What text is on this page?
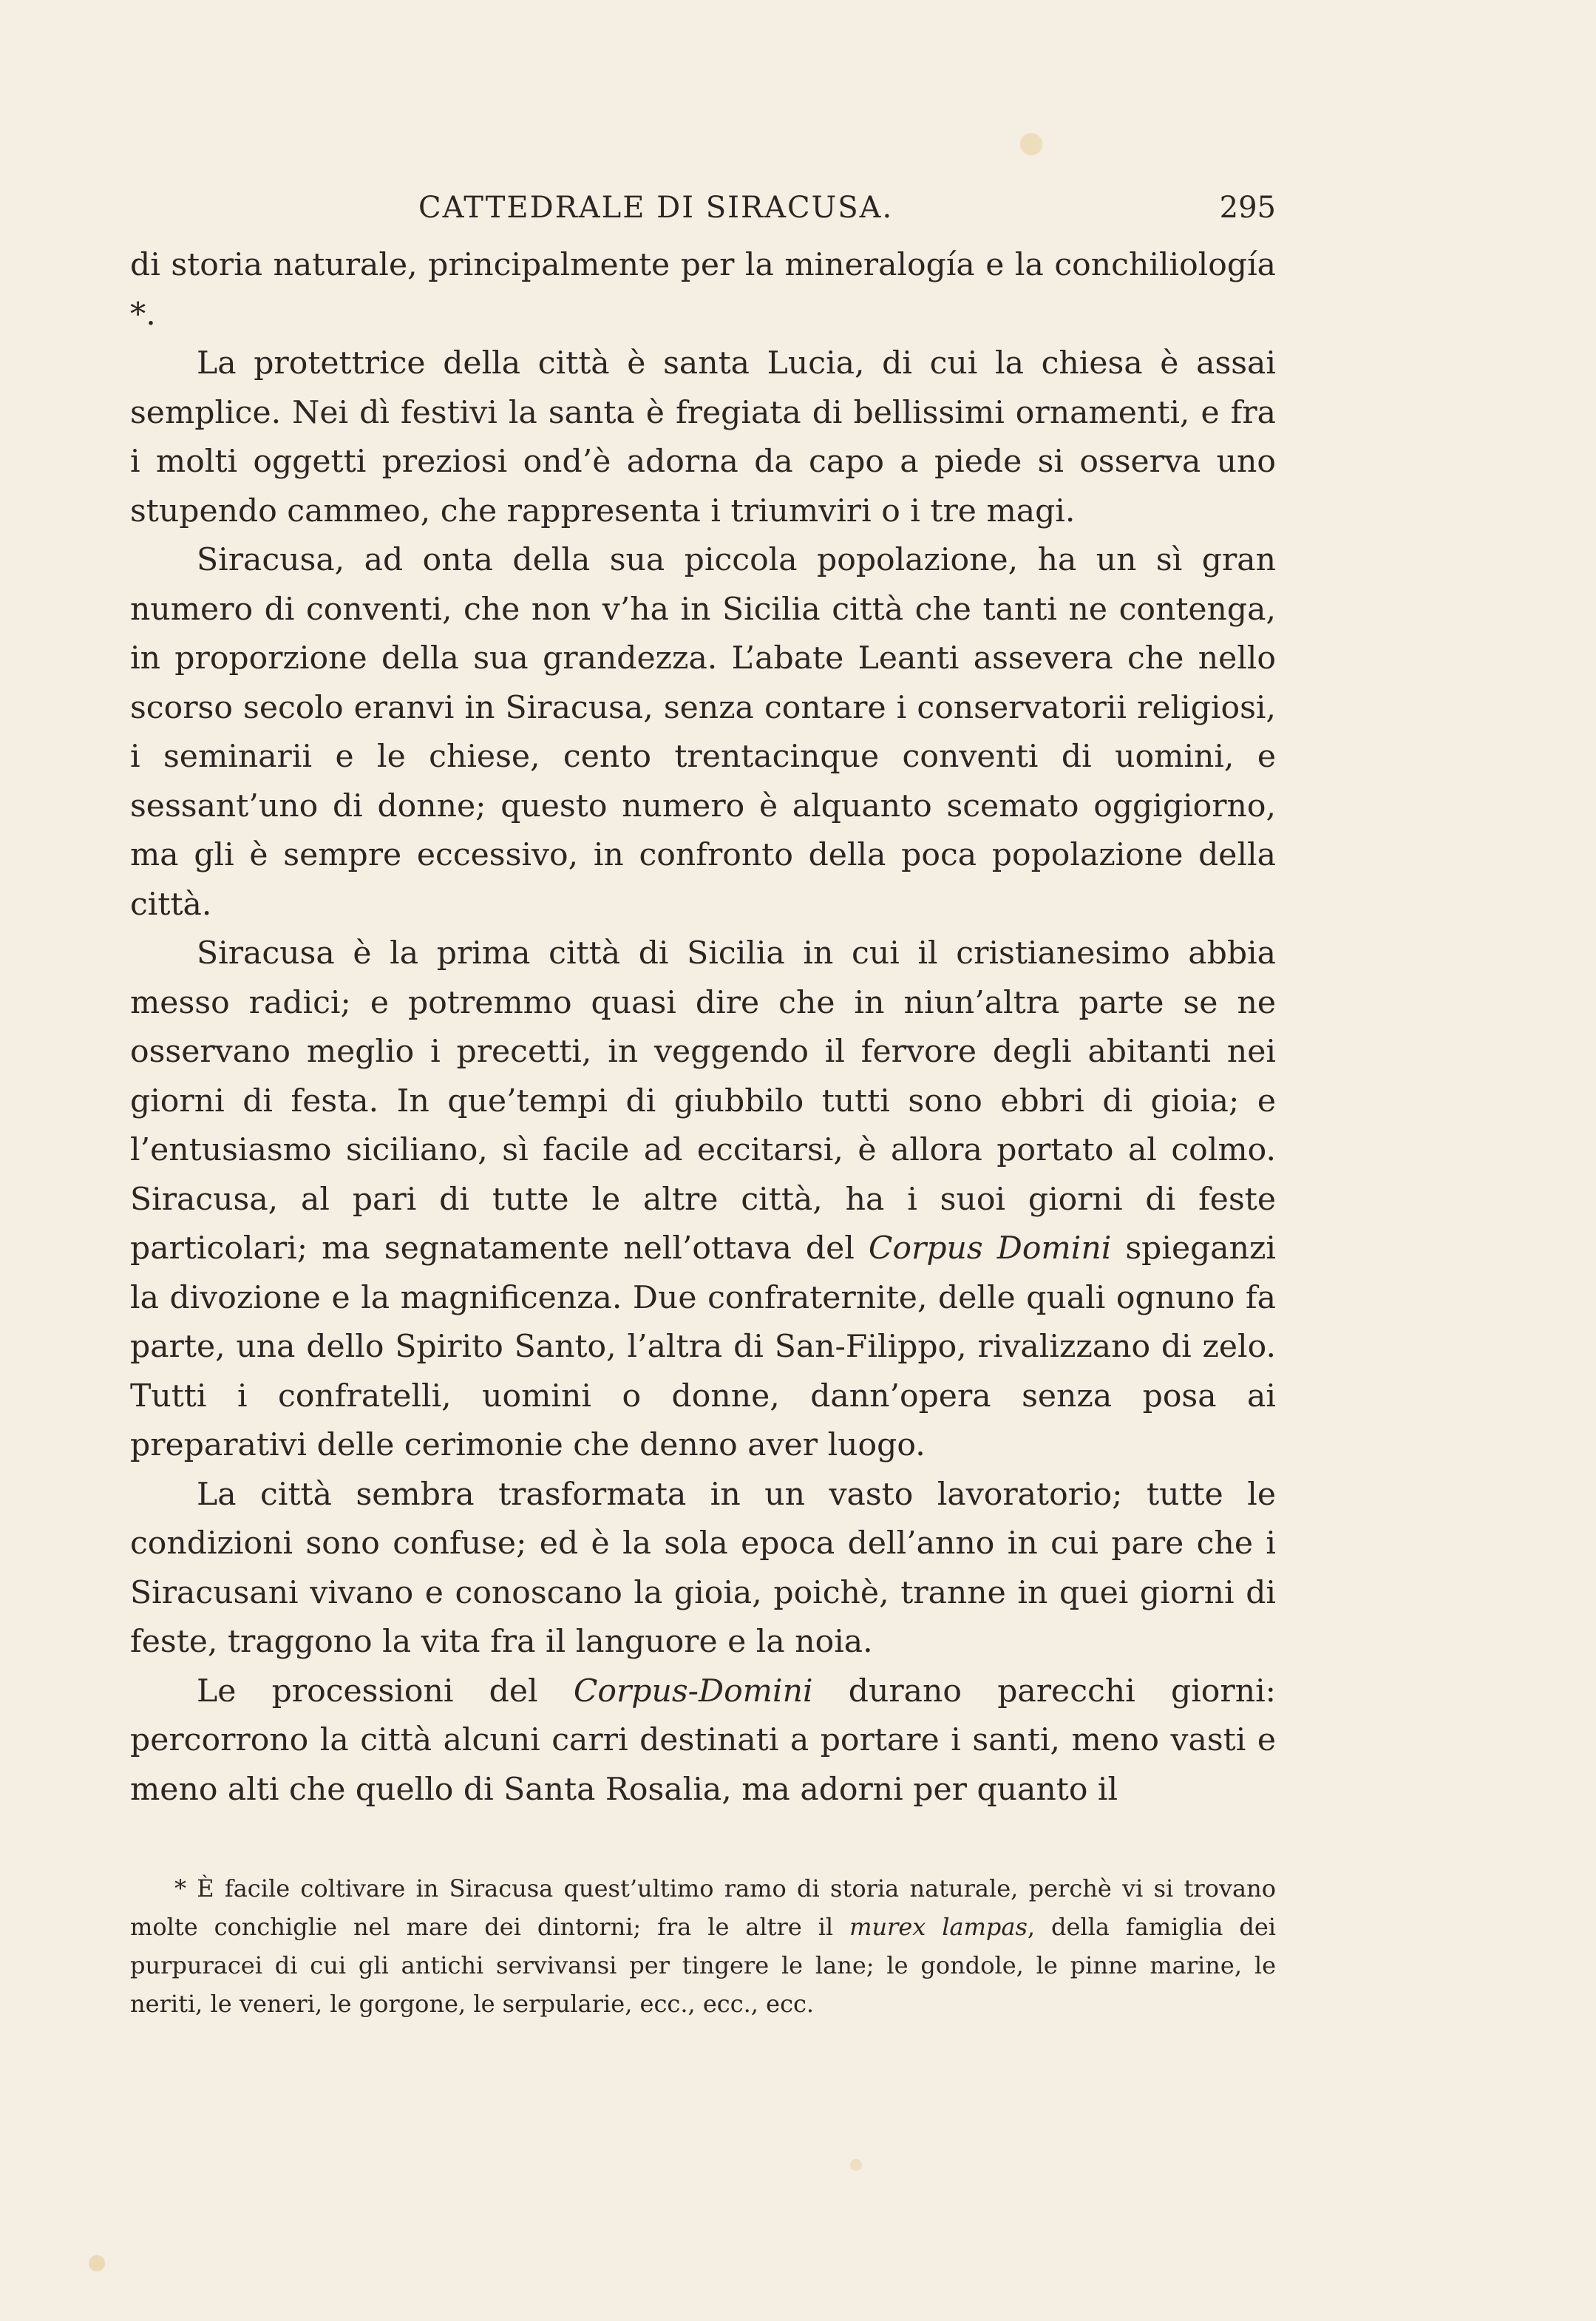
CATTEDRALE DI SIRACUSA.	295

di storia naturale, principalmente per la mineralogía e la conchiliología *.

La protettrice della città è santa Lucia, di cui la chiesa è assai semplice. Nei dì festivi la santa è fregiata di bellissimi ornamenti, e fra i molti oggetti preziosi ond’è adorna da capo a piede si osserva uno stupendo cammeo, che rappresenta i triumviri o i tre magi.

Siracusa, ad onta della sua piccola popolazione, ha un sì gran numero di conventi, che non v’ha in Sicilia città che tanti ne contenga, in proporzione della sua grandezza. L’abate Leanti assevera che nello scorso secolo eranvi in Siracusa, senza contare i conservatorii religiosi, i seminarii e le chiese, cento trentacinque conventi di uomini, e sessant’uno di donne; questo numero è alquanto scemato oggigiorno, ma gli è sempre eccessivo, in confronto della poca popolazione della città.

Siracusa è la prima città di Sicilia in cui il cristianesimo abbia messo radici; e potremmo quasi dire che in niun’altra parte se ne osservano meglio i precetti, in veggendo il fervore degli abitanti nei giorni di festa. In que’tempi di giubbilo tutti sono ebbri di gioia; e l’entusiasmo siciliano, sì facile ad eccitarsi, è allora portato al colmo. Siracusa, al pari di tutte le altre città, ha i suoi giorni di feste particolari; ma segnatamente nell’ottava del Corpus Domini spieganzi la divozione e la magnificenza. Due confraternite, delle quali ognuno fa parte, una dello Spirito Santo, l’altra di San-Filippo, rivalizzano di zelo. Tutti i confratelli, uomini o donne, dann’opera senza posa ai preparativi delle cerimonie che denno aver luogo.

La città sembra trasformata in un vasto lavoratorio; tutte le condizioni sono confuse; ed è la sola epoca dell’anno in cui pare che i Siracusani vivano e conoscano la gioia, poichè, tranne in quei giorni di feste, traggono la vita fra il languore e la noia.

Le processioni del Corpus-Domini durano parecchi giorni: percorrono la città alcuni carri destinati a portare i santi, meno vasti e meno alti che quello di Santa Rosalia, ma adorni per quanto il

* È facile coltivare in Siracusa quest’ultimo ramo di storia naturale, perchè vi si trovano molte conchiglie nel mare dei dintorni; fra le altre il murex lampas, della famiglia dei purpuracei di cui gli antichi servivansi per tingere le lane; le gondole, le pinne marine, le neriti, le veneri, le gorgone, le serpularie, ecc., ecc., ecc.
